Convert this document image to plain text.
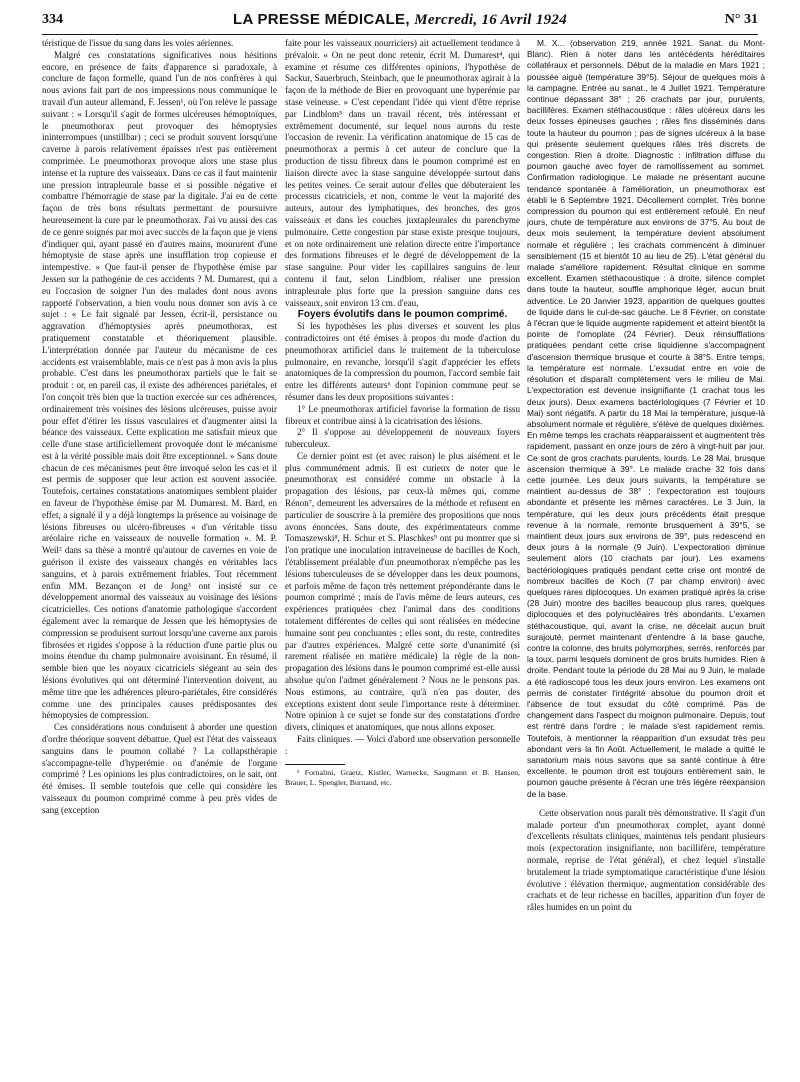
334	LA PRESSE MÉDICALE, Mercredi, 16 Avril 1924	N° 31

téristique de l'issue du sang dans les voies aériennes.

Malgré ces constatations significatives nous hésitions encore, en présence de faits d'apparence si paradoxale, à conclure de façon formelle, quand l'un de nos confrères à qui nous avions fait part de nos impressions nous communique le travail d'un auteur allemand, F. Jessen¹, où l'on relève le passage suivant : « Lorsqu'il s'agit de formes ulcéreuses hémoptoïques, le pneumothorax peut provoquer des hémoptysies ininterrompues (unstillbar) ; ceci se produit souvent lorsqu'une caverne à parois relativement épaisses n'est pas entièrement comprimée. Le pneumothorax provoque alors une stase plus intense et la rupture des vaisseaux. Dans ce cas il faut maintenir une pression intrapleurale basse et si possible négative et combattre l'hémorragie de stase par la digitale. J'ai eu de cette façon de très bons résultats permettant de poursuivre heureusement la cure par le pneumothorax. J'ai vu aussi des cas de ce genre soignés par moi avec succès de la façon que je viens d'indiquer qui, ayant passé en d'autres mains, moururent d'une hémoptysie de stase après une insufflation trop copieuse et intempestive. » Que faut-il penser de l'hypothèse émise par Jessen sur la pathogénie de ces accidents ? M. Dumarest, qui a eu l'occasion de soigner l'un des malades dont nous avons rapporté l'observation, a bien voulu nous donner son avis à ce sujet : « Le fait signalé par Jessen, écrit-il, persistance ou aggravation d'hémoptysies après pneumothorax, est pratiquement constatable et théoriquement plausible. L'interprétation donnée par l'auteur du mécanisme de ces accidents est vraisemblable, mais ce n'est pas à mon avis la plus probable. C'est dans les pneumothorax partiels que le fait se produit : or, en pareil cas, il existe des adhérences pariétales, et l'on conçoit très bien que la traction exercée sur ces adhérences, ordinairement très voisines des lésions ulcéreuses, puisse avoir pour effet d'étirer les tissus vasculaires et d'augmenter ainsi la béance des vaisseaux. Cette explication me satisfait mieux que celle d'une stase artificiellement provoquée dont le mécanisme est à la vérité possible mais doit être exceptionnel. » Sans doute chacun de ces mécanismes peut être invoqué selon les cas et il est permis de supposer que leur action est souvent associée. Toutefois, certaines constatations anatomiques semblent plaider en faveur de l'hypothèse émise par M. Dumarest. M. Bard, en effet, a signalé il y a déjà longtemps la présence au voisinage de lésions fibreuses ou ulcéro-fibreuses « d'un véritable tissu aréolaire riche en vaisseaux de nouvelle formation ». M. P. Weil² dans sa thèse a montré qu'autour de cavernes en voie de guérison il existe des vaisseaux changés en véritables lacs sanguins, et à parois extrêmement friables. Tout récemment enfin MM. Bezançon et de Jong³ ont insisté sur ce développement anormal des vaisseaux au voisinage des lésions cicatricielles. Ces notions d'anatomie pathologique s'accordent également avec la remarque de Jessen que les hémoptysies de compression se produisent surtout lorsqu'une caverne aux parois fibrosées et rigides s'oppose à la réduction d'une partie plus ou moins étendue du champ pulmonaire avoisinant. En résumé, il semble bien que les noyaux cicatriciels siégeant au sein des lésions évolutives qui ont déterminé l'intervention doivent, au même titre que les adhérences pleuro-pariétales, être considérés comme une des principales causes prédisposantes des hémoptysies de compression.

Ces considérations nous conduisent à aborder une question d'ordre théorique souvent débattue. Quel est l'état des vaisseaux sanguins dans le poumon collabé ? La collapsthérapie s'accompagne-telle d'hyperémie ou d'anémie de l'organe comprimé ? Les opinions les plus contradictoires, on le sait, ont été émises. Il semble toutefois que celle qui considère les vaisseaux du poumon comprimé comme à peu près vides de sang (exception

faite pour les vaisseaux nourriciers) ait actuellement tendance à prévaloir. « On ne peut donc retenir, écrit M. Dumarest⁴, qui examine et résume ces différentes opinions, l'hypothèse de Sackur, Sauerbruch, Steinbach, que le pneumothorax agirait à la façon de la méthode de Bier en provoquant une hyperémie par stase veineuse. » C'est cependant l'idée qui vient d'être reprise par Lindblom⁵ dans un travail récent, très intéressant et extrêmement documenté, sur lequel nous aurons du reste l'occasion de revenir. La vérification anatomique de 15 cas de pneumothorax a permis à cet auteur de conclure que la production de tissu fibreux dans le poumon comprimé est en liaison directe avec la stase sanguine développée surtout dans les petites veines. Ce serait autour d'elles que débuteraient les processus cicatriciels, et non, comme le veut la majorité des auteurs, autour des lymphatiques, des bronches, des gros vaisseaux et dans les couches juxtapleurales du parenchyme pulmonaire. Cette congestion par stase existe presque toujours, et on note ordinairement une relation directe entre l'importance des formations fibreuses et le degré de développement de la stase sanguine. Pour vider les capillaires sanguins de leur contenu il faut, selon Lindblom, réaliser une pression intrapleurale plus forte que la pression sanguine dans ces vaisseaux, soit environ 13 cm. d'eau,

Foyers évolutifs dans le poumon comprimé.

Si les hypothèses les plus diverses et souvent les plus contradictoires ont été émises à propos du mode d'action du pneumothorax artificiel dans le traitement de la tuberculose pulmonaire, en revanche, lorsqu'il s'agit d'apprécier les effets anatomiques de la compression du poumon, l'accord semble fait entre les différents auteurs⁶ dont l'opinion commune peut se résumer dans les deux propositions suivantes :

1° Le pneumothorax artificiel favorise la formation de tissu fibreux et contribue ainsi à la cicatrisation des lésions.

2° Il s'oppose au développement de nouveaux foyers tuberculeux.

Ce dernier point est (et avec raison) le plus aisément et le plus communément admis. Il est curieux de noter que le pneumothorax est considéré comme un obstacle à la propagation des lésions, par ceux-là mêmes qui, comme Rénon⁷, demeurent les adversaires de la méthode et refusent en particulier de souscrire à la première des propositions que nous avons énoncées. Sans doute, des expérimentateurs comme Tomaszewski⁸, H. Schur et S. Plaschkes⁹ ont pu montrer que si l'on pratique une inoculation intraveineuse de bacilles de Koch, l'établissement préalable d'un pneumothorax n'empêche pas les lésions tuberculeuses de se développer dans les deux poumons, et parfois même de façon très nettement prépondérante dans le poumon comprimé ; mais de l'avis même de leurs auteurs, ces expériences pratiquées chez l'animal dans des conditions totalement différentes de celles qui sont réalisées en médecine humaine sont peu concluantes ; elles sont, du reste, contredites par d'autres expériences. Malgré cette sorte d'unanimité (si rarement réalisée en matière médicale) la règle de la non-propagation des lésions dans le poumon comprimé est-elle aussi absolue qu'on l'admet généralement ? Nous ne le pensons pas. Nous estimons, au contraire, qu'à n'en pas douter, des exceptions existent dont seule l'importance reste à déterminer. Notre opinion à ce sujet se fonde sur des constatations d'ordre divers, cliniques et anatomiques, que nous allons exposer.

Faits cliniques. — Voici d'abord une observation personnelle :

⁶ Fornalini, Graetz, Kistler, Warnecke, Saugmann et B. Hansen, Brauer, L. Spengler, Burnand, etc.

M. X... (observation 219, année 1921. Sanat. du Mont-Blanc). Rien à noter dans les antécédents héréditaires collatéraux et personnels. Début de la maladie en Mars 1921 ; poussée aiguë (température 39°5). Séjour de quelques mois à la campagne. Entrée au sanat., le 4 Juillet 1921. Température continue dépassant 38° ; 26 crachats par jour, purulents, bacillifères. Examen stéthacoustique : râles ulcéreux dans les deux fosses épineuses gauches ; râles fins disséminés dans toute la hauteur du poumon ; pas de signes ulcéreux à la base qui présente seulement quelques râles très discrets de congestion. Rien à droite. Diagnostic : infiltration diffuse du poumon gauche avec foyer de ramollissement au sommet. Confirmation radiologique. Le malade ne présentant aucune tendance spontanée à l'amélioration, un pneumothorax est établi le 6 Septembre 1921. Décollement complet. Très bonne compression du poumon qui est entièrement refoulé. En neuf jours, chute de température aux environs de 37°5. Au bout de deux mois seulement, la température devient absolument normale et régulière ; les crachats commencent à diminuer sensiblement (15 et bientôt 10 au lieu de 25). L'état général du malade s'améliore rapidement. Résultat clinique en somme excellent. Examen stéthacoustique : à droite, silence complet dans toute la hauteur, souffle amphorique léger, aucun bruit adventice. Le 20 Janvier 1923, apparition de quelques gouttes de liquide dans le cul-de-sac gauche. Le 8 Février, on constate à l'écran que le liquide augmente rapidement et atteint bientôt la pointe de l'omoplate (24 Février). Deux réinsufflations pratiquées pendant cette crise liquidienne s'accompagnent d'ascension thermique brusque et courte à 38°5. Entre temps, la température est normale. L'exsudat entre en voie de résolution et disparaît complètement vers le milieu de Mai. L'expectoration est devenue insignifiante (1 crachat tous les deux jours). Deux examens bactériologiques (7 Février et 10 Mai) sont négatifs. A partir du 18 Mai la température, jusque-là absolument normale et régulière, s'élève de quelques dixièmes. En même temps les crachats réapparaissent et augmentent très rapidement, passant en onze jours de zéro à vingt-huit par jour. Ce sont de gros crachats purulents, lourds. Le 28 Mai, brusque ascension thermique à 39°. Le malade crache 32 fois dans cette journée. Les deux jours suivants, la température se maintient au-dessus de 38° ; l'expectoration est toujours abondante et présente les mêmes caractères. Le 3 Juin, la température, qui les deux jours précédents était presque revenue à la normale, remonte brusquement à 39°5, se maintient deux jours aux environs de 39°, puis redescend en deux jours à la normale (9 Juin). L'expectoration diminue seulement alors (10 crachats par jour). Les examens bactériologiques pratiqués pendant cette crise ont montré de nombreux bacilles de Koch (7 par champ environ) avec quelques rares diplocoques. Un examen pratiqué après la crise (28 Juin) montre des bacilles beaucoup plus rares, quelques diplocoques et des polynucléaires très abondants. L'examen stéthacoustique, qui, avant la crise, ne décelait aucun bruit surajouté, permet maintenant d'entendre à la base gauche, contre la colonne, des bruits polymorphes, serrés, renforcés par la toux, parmi lesquels dominent de gros bruits humides. Rien à droite. Pendant toute la période du 28 Mai au 9 Juin, le malade a été radioscopé tous les deux jours environ. Les examens ont permis de constater l'intégrité absolue du poumon droit et l'absence de tout exsudat du côté comprimé. Pas de changement dans l'aspect du moignon pulmonaire. Depuis, tout est rentré dans l'ordre ; le malade s'est rapidement remis. Toutefois, à mentionner la réapparition d'un exsudat très peu abondant vers la fin Août. Actuellement, le malade a quitté le sanatorium mais nous savons que sa santé continue à être excellente, le poumon droit est toujours entièrement sain, le poumon gauche présente à l'écran une très légère réexpansion de la base.

Cette observation nous paraît très démonstrative. Il s'agit d'un malade porteur d'un pneumothorax complet, ayant donné d'excellents résultats cliniques, maintenus tels pendant plusieurs mois (expectoration insignifiante, non bacillifère, température normale, reprise de l'état général), et chez lequel s'installe brutalement la triade symptomatique caractéristique d'une lésion évolutive : élévation thermique, augmentation considérable des crachats et de leur richesse en bacilles, apparition d'un foyer de râles humides en un point du
